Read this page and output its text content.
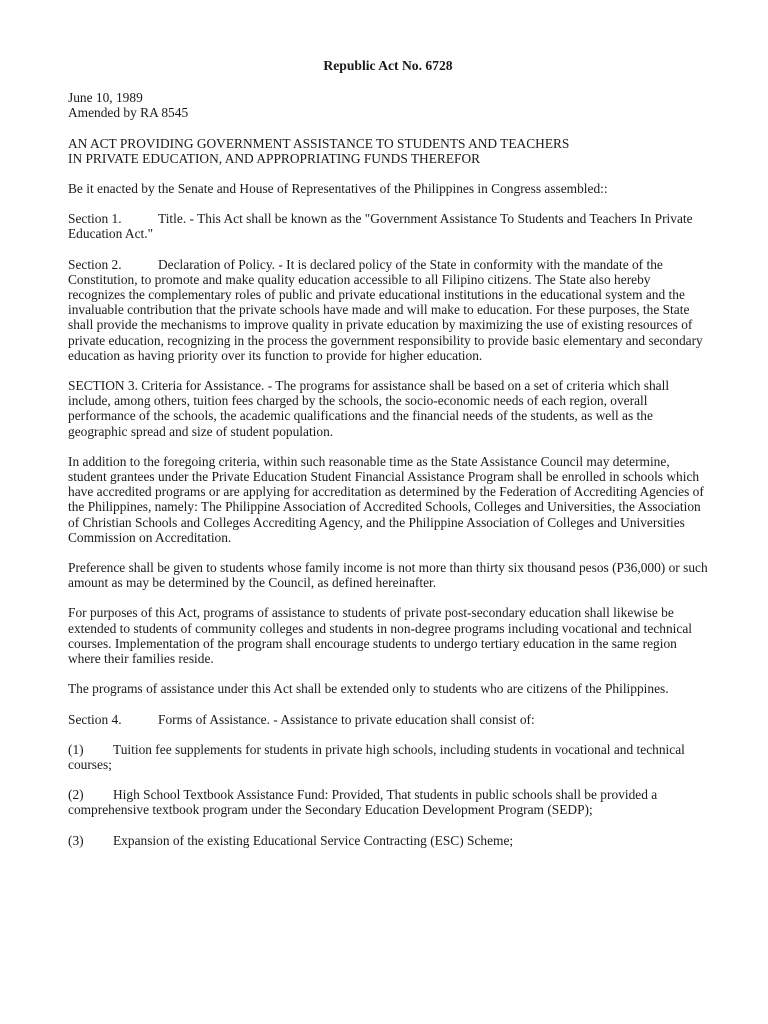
Republic Act No. 6728

June 10, 1989
Amended by RA 8545

AN ACT PROVIDING GOVERNMENT ASSISTANCE TO STUDENTS AND TEACHERS
IN PRIVATE EDUCATION, AND APPROPRIATING FUNDS THEREFOR

Be it enacted by the Senate and House of Representatives of the Philippines in Congress assembled::

Section 1.	Title. - This Act shall be known as the "Government Assistance To Students and Teachers In Private Education Act."

Section 2.	Declaration of Policy. - It is declared policy of the State in conformity with the mandate of the Constitution, to promote and make quality education accessible to all Filipino citizens. The State also hereby recognizes the complementary roles of public and private educational institutions in the educational system and the invaluable contribution that the private schools have made and will make to education. For these purposes, the State shall provide the mechanisms to improve quality in private education by maximizing the use of existing resources of private education, recognizing in the process the government responsibility to provide basic elementary and secondary education as having priority over its function to provide for higher education.

SECTION 3. Criteria for Assistance. - The programs for assistance shall be based on a set of criteria which shall include, among others, tuition fees charged by the schools, the socio-economic needs of each region, overall performance of the schools, the academic qualifications and the financial needs of the students, as well as the geographic spread and size of student population.

In addition to the foregoing criteria, within such reasonable time as the State Assistance Council may determine, student grantees under the Private Education Student Financial Assistance Program shall be enrolled in schools which have accredited programs or are applying for accreditation as determined by the Federation of Accrediting Agencies of the Philippines, namely: The Philippine Association of Accredited Schools, Colleges and Universities, the Association of Christian Schools and Colleges Accrediting Agency, and the Philippine Association of Colleges and Universities Commission on Accreditation.

Preference shall be given to students whose family income is not more than thirty six thousand pesos (P36,000) or such amount as may be determined by the Council, as defined hereinafter.

For purposes of this Act, programs of assistance to students of private post-secondary education shall likewise be extended to students of community colleges and students in non-degree programs including vocational and technical courses. Implementation of the program shall encourage students to undergo tertiary education in the same region where their families reside.

The programs of assistance under this Act shall be extended only to students who are citizens of the Philippines.

Section 4.	Forms of Assistance. - Assistance to private education shall consist of:

(1) Tuition fee supplements for students in private high schools, including students in vocational and technical courses;

(2) High School Textbook Assistance Fund: Provided, That students in public schools shall be provided a comprehensive textbook program under the Secondary Education Development Program (SEDP);

(3) Expansion of the existing Educational Service Contracting (ESC) Scheme;
